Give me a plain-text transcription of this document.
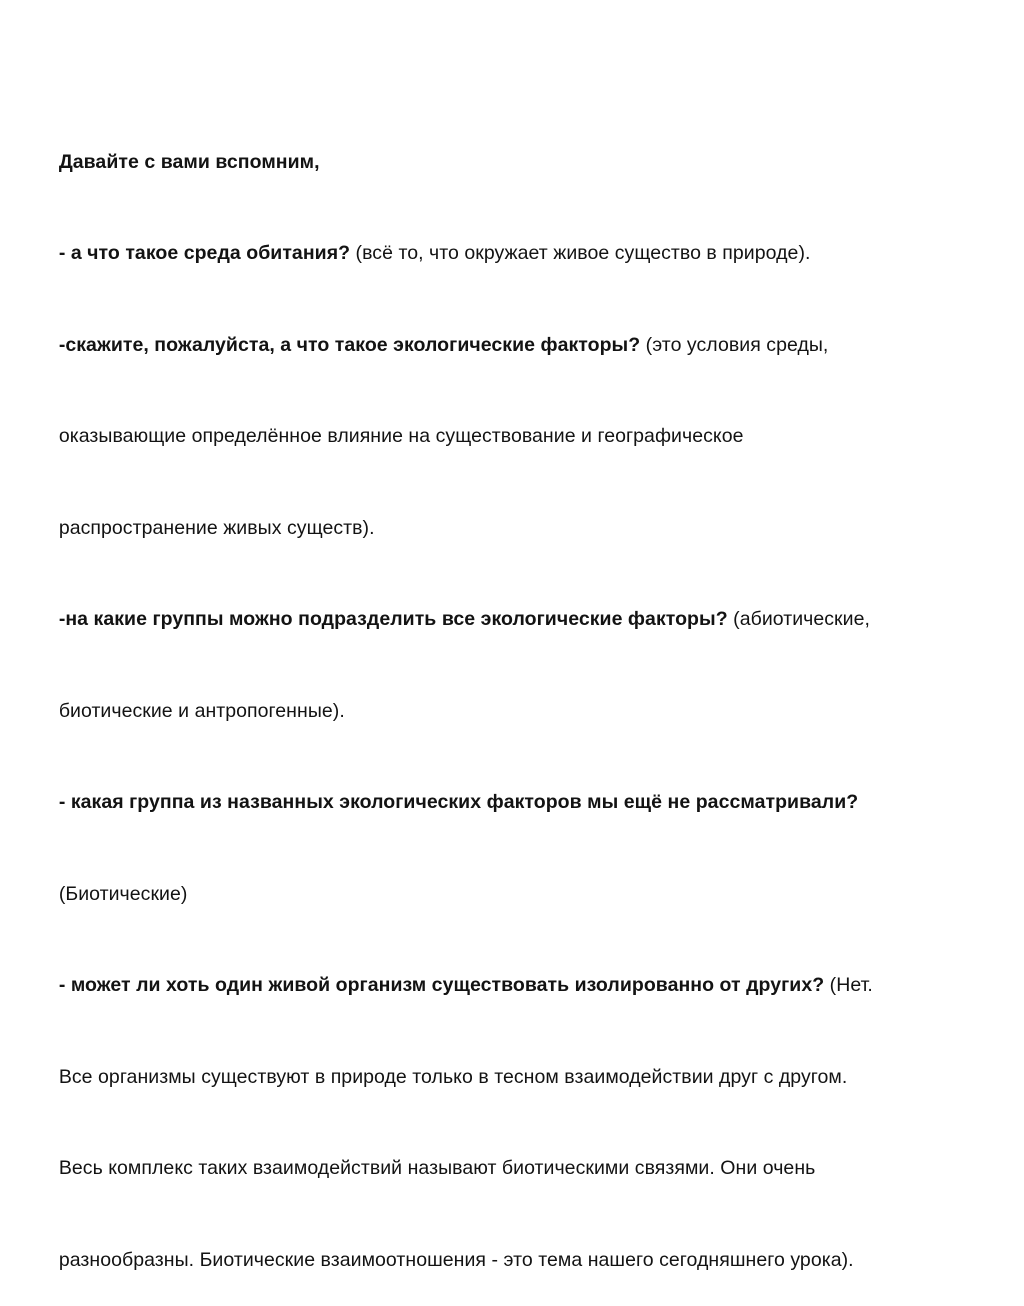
Давайте с вами вспомним,

- а что такое среда обитания? (всё то, что окружает живое существо в природе).

-скажите, пожалуйста, а что такое экологические факторы? (это условия среды,

оказывающие определённое влияние на существование и географическое

распространение живых существ).

-на какие группы можно подразделить все экологические факторы? (абиотические,

биотические и антропогенные).

- какая группа из названных экологических факторов мы ещё не рассматривали?

(Биотические)

- может ли хоть один живой организм существовать изолированно от других? (Нет.

Все организмы существуют в природе только в тесном взаимодействии друг с другом.

Весь комплекс таких взаимодействий называют биотическими связями. Они очень

разнообразны. Биотические взаимоотношения - это тема нашего сегодняшнего урока).
